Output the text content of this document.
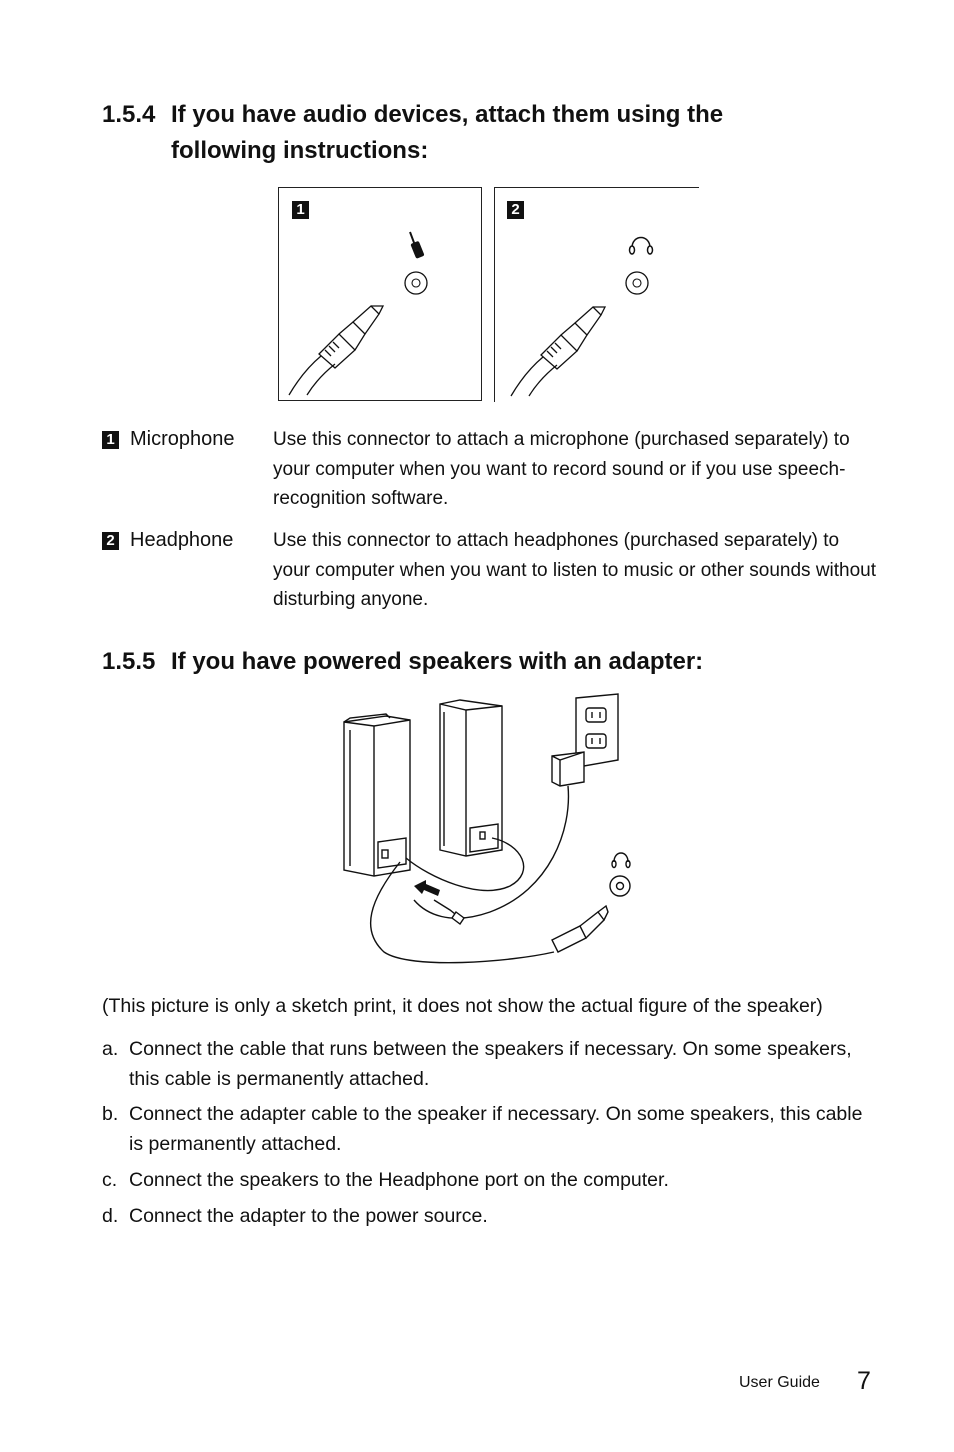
1.5.4 If you have audio devices, attach them using the following instructions:
1	2
1 Microphone Use this connector to attach a microphone (purchased separately) to your computer when you want to record sound or if you use speech-recognition software.
2 Headphone Use this connector to attach headphones (purchased separately) to your computer when you want to listen to music or other sounds without disturbing anyone.
1.5.5 If you have powered speakers with an adapter:
(This picture is only a sketch print, it does not show the actual figure of the speaker)
a. Connect the cable that runs between the speakers if necessary. On some speakers, this cable is permanently attached.
b. Connect the adapter cable to the speaker if necessary. On some speakers, this cable is permanently attached.
c. Connect the speakers to the Headphone port on the computer.
d. Connect the adapter to the power source.
User Guide 7
